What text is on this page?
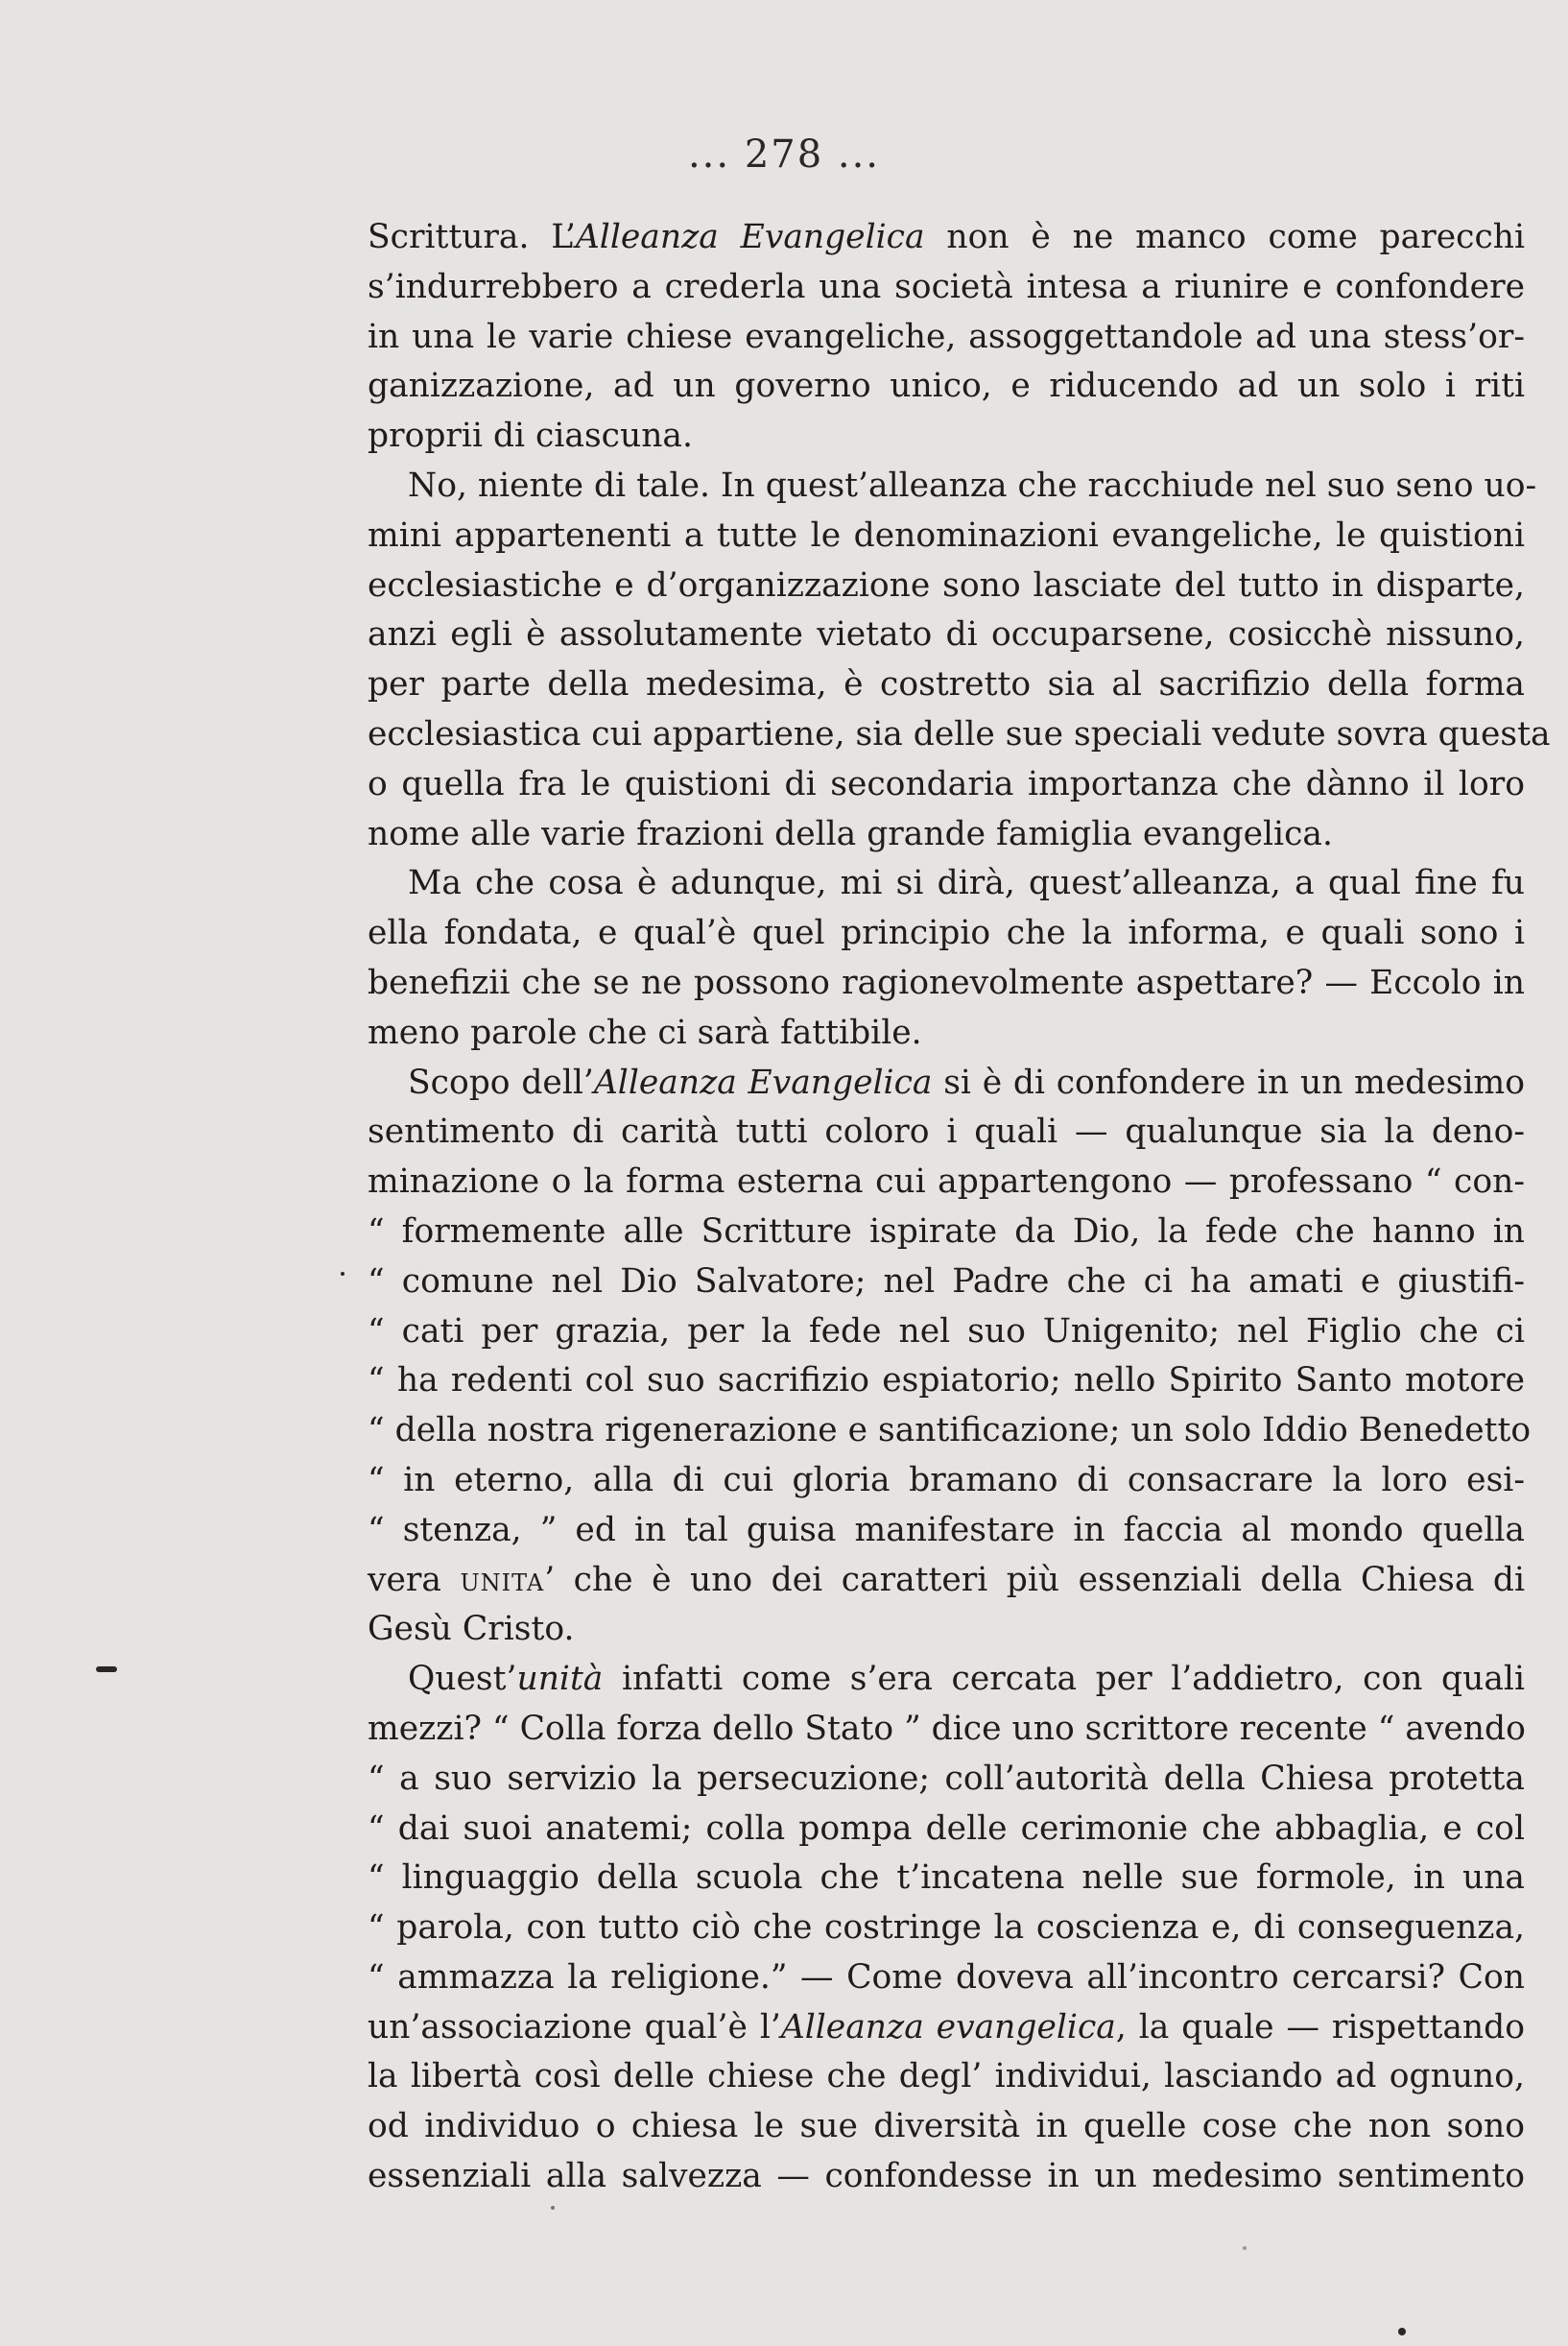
... 278 ...
Scrittura. L’Alleanza Evangelica non è ne manco come parecchi
s’indurrebbero a crederla una società intesa a riunire e confondere
in una le varie chiese evangeliche, assoggettandole ad una stess’or-
ganizzazione, ad un governo unico, e riducendo ad un solo i riti
proprii di ciascuna.
No, niente di tale. In quest’alleanza che racchiude nel suo seno uo-
mini appartenenti a tutte le denominazioni evangeliche, le quistioni
ecclesiastiche e d’organizzazione sono lasciate del tutto in disparte,
anzi egli è assolutamente vietato di occuparsene, cosicchè nissuno,
per parte della medesima, è costretto sia al sacrifizio della forma
ecclesiastica cui appartiene, sia delle sue speciali vedute sovra questa
o quella fra le quistioni di secondaria importanza che dànno il loro
nome alle varie frazioni della grande famiglia evangelica.
Ma che cosa è adunque, mi si dirà, quest’alleanza, a qual fine fu
ella fondata, e qual’è quel principio che la informa, e quali sono i
benefizii che se ne possono ragionevolmente aspettare? — Eccolo in
meno parole che ci sarà fattibile.
Scopo dell’Alleanza Evangelica si è di confondere in un medesimo
sentimento di carità tutti coloro i quali — qualunque sia la deno-
minazione o la forma esterna cui appartengono — professano “ con-
“ formemente alle Scritture ispirate da Dio, la fede che hanno in
“ comune nel Dio Salvatore; nel Padre che ci ha amati e giustifi-
“ cati per grazia, per la fede nel suo Unigenito; nel Figlio che ci
“ ha redenti col suo sacrifizio espiatorio; nello Spirito Santo motore
“ della nostra rigenerazione e santificazione; un solo Iddio Benedetto
“ in eterno, alla di cui gloria bramano di consacrare la loro esi-
“ stenza, ” ed in tal guisa manifestare in faccia al mondo quella
vera unita’ che è uno dei caratteri più essenziali della Chiesa di
Gesù Cristo.
Quest’unità infatti come s’era cercata per l’addietro, con quali
mezzi? “ Colla forza dello Stato ” dice uno scrittore recente “ avendo
“ a suo servizio la persecuzione; coll’autorità della Chiesa protetta
“ dai suoi anatemi; colla pompa delle cerimonie che abbaglia, e col
“ linguaggio della scuola che t’incatena nelle sue formole, in una
“ parola, con tutto ciò che costringe la coscienza e, di conseguenza,
“ ammazza la religione.” — Come doveva all’incontro cercarsi? Con
un’associazione qual’è l’Alleanza evangelica, la quale — rispettando
la libertà così delle chiese che degl’ individui, lasciando ad ognuno,
od individuo o chiesa le sue diversità in quelle cose che non sono
essenziali alla salvezza — confondesse in un medesimo sentimento
